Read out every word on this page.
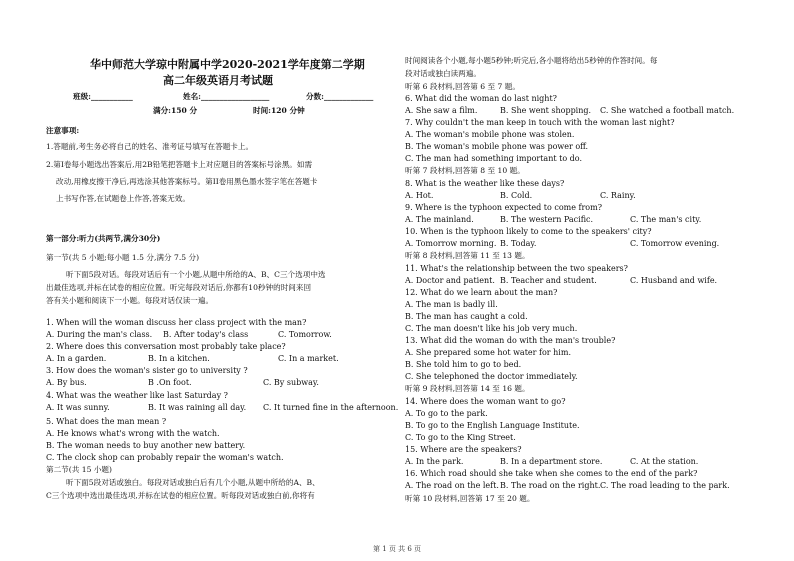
华中师范大学琼中附属中学2020-2021学年度第二学期
高二年级英语月考试题
班级:___________	姓名:__________________	分数:_____________
满分:150 分	时间:120 分钟
注意事项:
1.答题前,考生务必将自己的姓名、准考证号填写在答题卡上。
2.第I卷每小题选出答案后,用2B铅笔把答题卡上对应题目的答案标号涂黑。如需
改动,用橡皮擦干净后,再选涂其他答案标号。第II卷用黑色墨水签字笔在答题卡
上书写作答,在试题卷上作答,答案无效。
第一部分:听力(共两节,满分30分)
第一节(共 5 小题;每小题 1.5 分,满分 7.5 分)
听下面5段对话。每段对话后有一个小题,从题中所给的A、B、C三个选项中选
出最佳选项,并标在试卷的相应位置。听完每段对话后,你都有10秒钟的时间来回
答有关小题和阅读下一小题。每段对话仅读一遍。
1. When will the woman discuss her class project with the man?
A. During the man's class. B. After today's class	C. Tomorrow.
2. Where does this conversation most probably take place?
A. In a garden.	B. In a kitchen.	C. In a market.
3. How does the woman's sister go to university ?
A. By bus.	B .On foot.	C. By subway.
4. What was the weather like last Saturday ?
A. It was sunny.	B. It was raining all day. C. It turned fine in the afternoon.
5. What does the man mean ?
A. He knows what's wrong with the watch.
B. The woman needs to buy another new battery.
C. The clock shop can probably repair the woman's watch.
第二节(共 15 小题)
听下面5段对话或独白。每段对话或独白后有几个小题,从题中所给的A、B、
C三个选项中选出最佳选项,并标在试卷的相应位置。听每段对话或独白前,你将有
时间阅读各个小题,每小题5秒钟;听完后,各小题将给出5秒钟的作答时间。每
段对话或独白读两遍。
听第 6 段材料,回答第 6 至 7 题。
6. What did the woman do last night?
A. She saw a film.	B. She went shopping. C. She watched a football match.
7. Why couldn't the man keep in touch with the woman last night?
A. The woman's mobile phone was stolen.
B. The woman's mobile phone was power off.
C. The man had something important to do.
听第 7 段材料,回答第 8 至 10 题。
8. What is the weather like these days?
A. Hot.	B. Cold.	C. Rainy.
9. Where is the typhoon expected to come from?
A. The mainland.	B. The western Pacific.	C. The man's city.
10. When is the typhoon likely to come to the speakers' city?
A. Tomorrow morning. B. Today.	C. Tomorrow evening.
听第 8 段材料,回答第 11 至 13 题。
11. What's the relationship between the two speakers?
A. Doctor and patient. B. Teacher and student.	C. Husband and wife.
12. What do we learn about the man?
A. The man is badly ill.
B. The man has caught a cold.
C. The man doesn't like his job very much.
13. What did the woman do with the man's trouble?
A. She prepared some hot water for him.
B. She told him to go to bed.
C. She telephoned the doctor immediately.
听第 9 段材料,回答第 14 至 16 题。
14. Where does the woman want to go?
A. To go to the park.
B. To go to the English Language Institute.
C. To go to the King Street.
15. Where are the speakers?
A. In the park.	B. In a department store.	C. At the station.
16. Which road should she take when she comes to the end of the park?
A. The road on the left. B. The road on the right. C. The road leading to the park.
听第 10 段材料,回答第 17 至 20 题。
第 1 页 共 6 页
